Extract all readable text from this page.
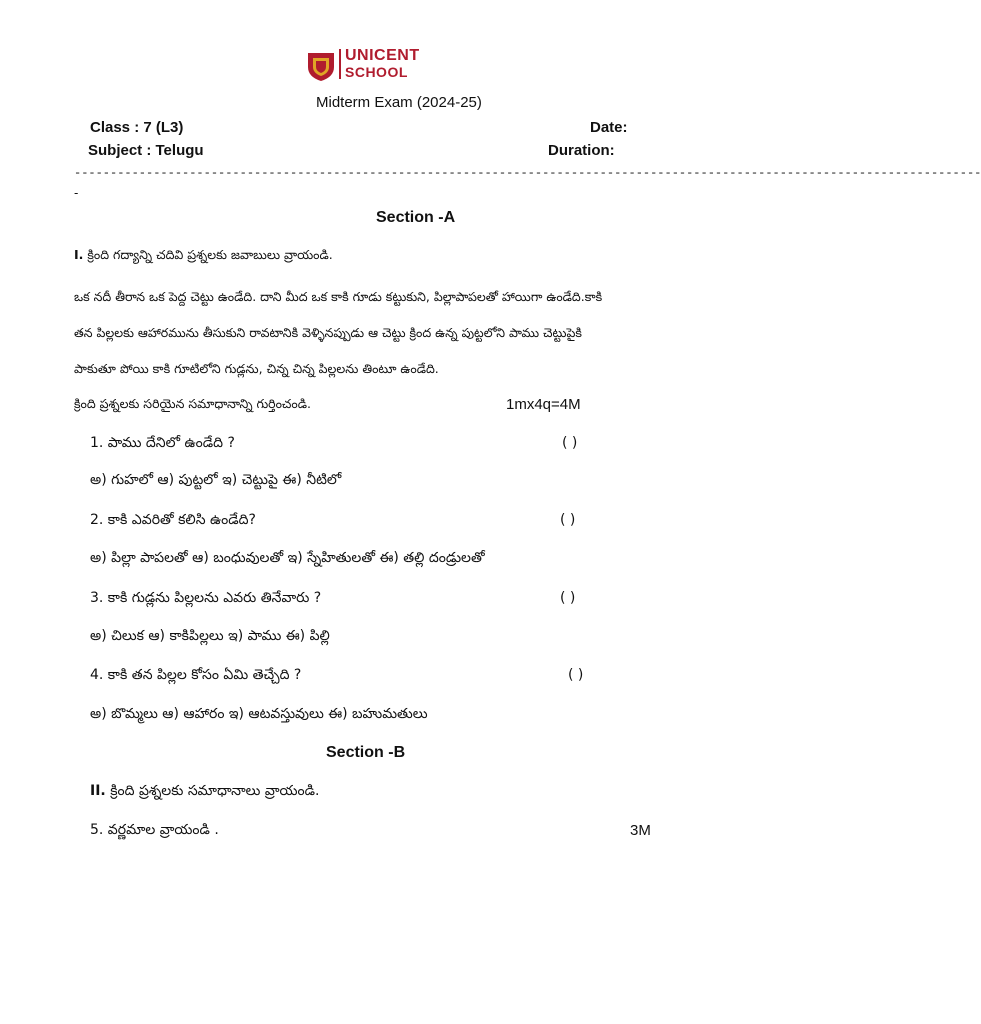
UNICENT
SCHOOL
Midterm Exam (2024-25)
Class : 7 (L3)
Subject : Telugu
Date:
Duration:
------------------------------------------------------------------------------------------------------------------------------
-
Section -A
I. క్రింది గద్యాన్ని చదివి ప్రశ్నలకు జవాబులు వ్రాయండి.
ఒక నదీ తీరాన ఒక పెద్ద చెట్టు ఉండేది. దాని మీద ఒక కాకి గూడు కట్టుకుని, పిల్లాపాపలతో హాయిగా ఉండేది.కాకి
తన పిల్లలకు ఆహారమును తీసుకుని రావటానికి వెళ్ళినప్పుడు ఆ చెట్టు క్రింద ఉన్న పుట్టలోని పాము చెట్టుపైకి
పాకుతూ పోయి కాకి గూటిలోని గుడ్లను, చిన్న చిన్న పిల్లలను తింటూ ఉండేది.
క్రింది ప్రశ్నలకు సరియైన సమాధానాన్ని గుర్తించండి.	1mx4q=4M
1. పాము దేనిలో ఉండేది ?	( )
అ) గుహలో ఆ) పుట్టలో ఇ) చెట్టుపై ఈ) నీటిలో
2. కాకి ఎవరితో కలిసి ఉండేది?	( )
అ) పిల్లా పాపలతో ఆ) బంధువులతో ఇ) స్నేహితులతో ఈ) తల్లి దండ్రులతో
3. కాకి గుడ్లను పిల్లలను ఎవరు తినేవారు ?	( )
అ) చిలుక ఆ) కాకిపిల్లలు ఇ) పాము ఈ) పిల్లి
4. కాకి తన పిల్లల కోసం ఏమి తెచ్చేది ?	( )
అ) బొమ్మలు ఆ) ఆహారం ఇ) ఆటవస్తువులు ఈ) బహుమతులు
Section -B
II. క్రింది ప్రశ్నలకు సమాధానాలు వ్రాయండి.
5. వర్ణమాల వ్రాయండి .	3M
